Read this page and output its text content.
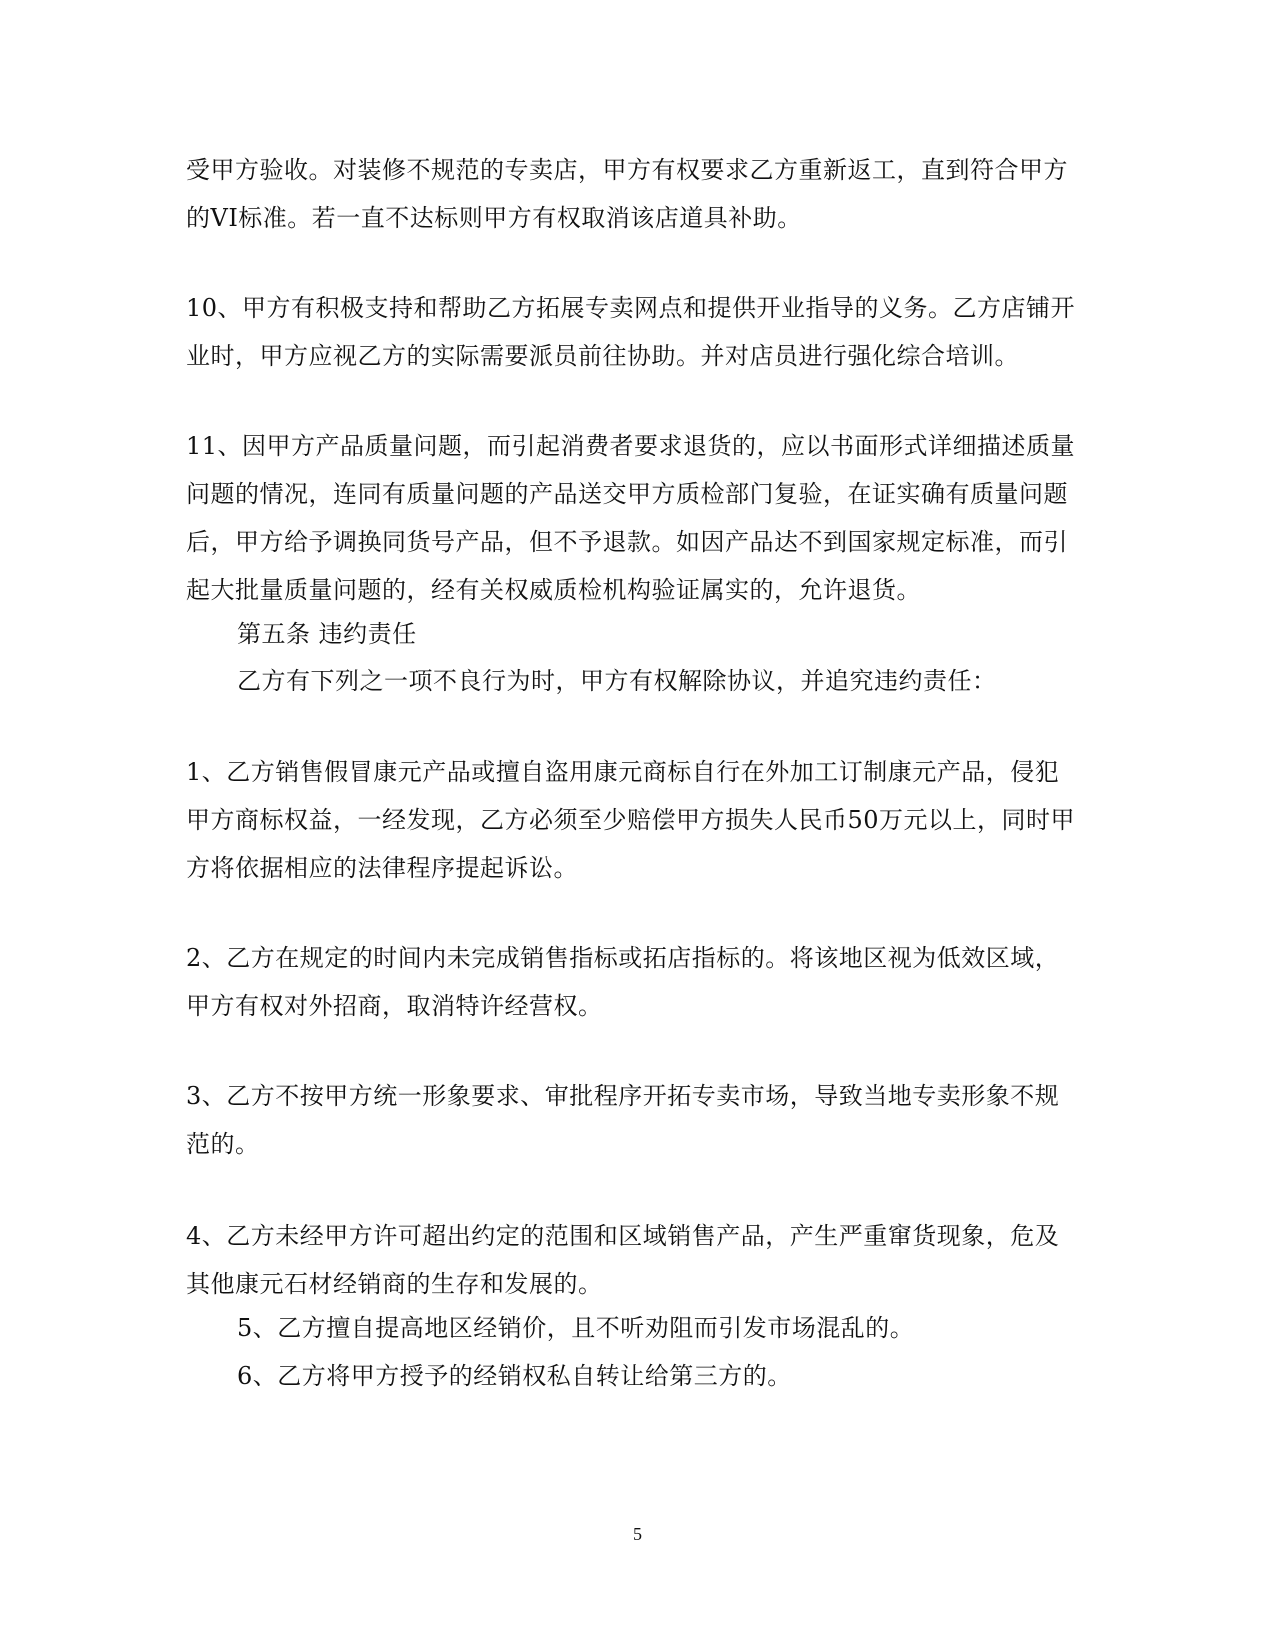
受甲方验收。对装修不规范的专卖店，甲方有权要求乙方重新返工，直到符合甲方
的VI标准。若一直不达标则甲方有权取消该店道具补助。

10、甲方有积极支持和帮助乙方拓展专卖网点和提供开业指导的义务。乙方店铺开
业时，甲方应视乙方的实际需要派员前往协助。并对店员进行强化综合培训。

11、因甲方产品质量问题，而引起消费者要求退货的，应以书面形式详细描述质量
问题的情况，连同有质量问题的产品送交甲方质检部门复验，在证实确有质量问题
后，甲方给予调换同货号产品，但不予退款。如因产品达不到国家规定标准，而引
起大批量质量问题的，经有关权威质检机构验证属实的，允许退货。

第五条 违约责任

乙方有下列之一项不良行为时，甲方有权解除协议，并追究违约责任：

1、乙方销售假冒康元产品或擅自盗用康元商标自行在外加工订制康元产品，侵犯
甲方商标权益，一经发现，乙方必须至少赔偿甲方损失人民币50万元以上，同时甲
方将依据相应的法律程序提起诉讼。

2、乙方在规定的时间内未完成销售指标或拓店指标的。将该地区视为低效区域，
甲方有权对外招商，取消特许经营权。

3、乙方不按甲方统一形象要求、审批程序开拓专卖市场，导致当地专卖形象不规
范的。

4、乙方未经甲方许可超出约定的范围和区域销售产品，产生严重窜货现象，危及
其他康元石材经销商的生存和发展的。

5、乙方擅自提高地区经销价，且不听劝阻而引发市场混乱的。

6、乙方将甲方授予的经销权私自转让给第三方的。

5
